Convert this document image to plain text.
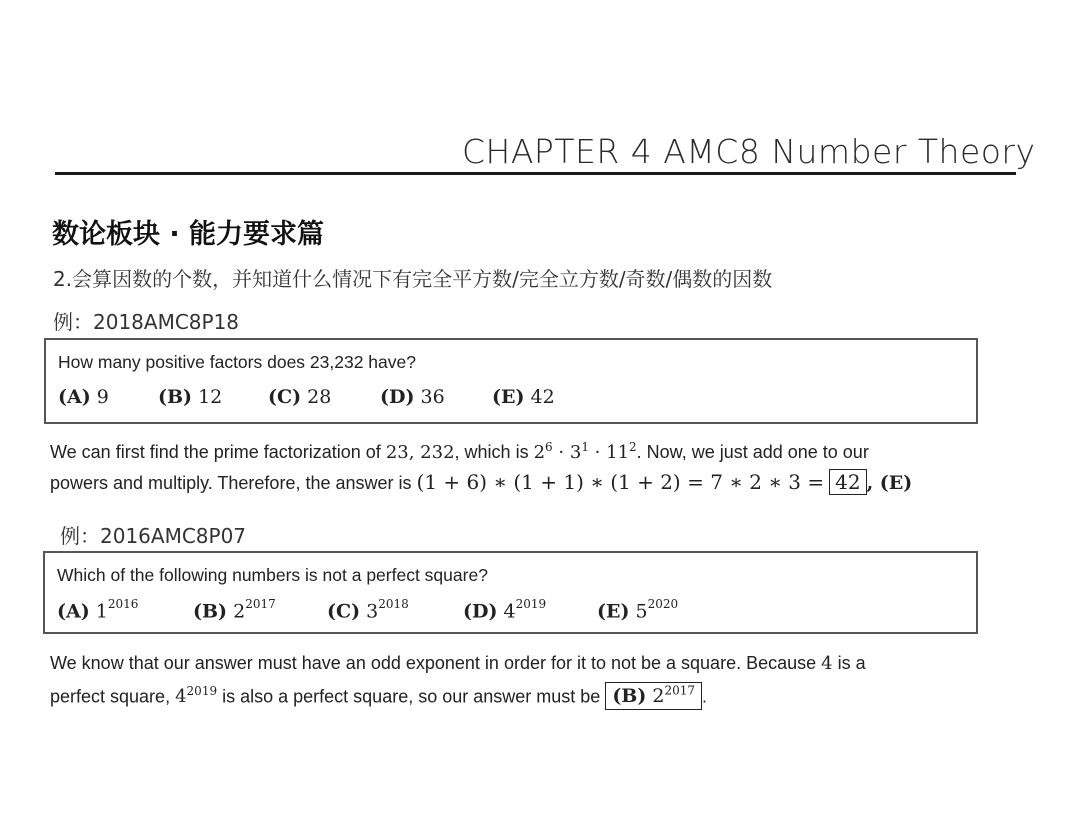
CHAPTER 4 AMC8 Number Theory
数论板块 · 能力要求篇
2.会算因数的个数，并知道什么情况下有完全平方数/完全立方数/奇数/偶数的因数
例：2018AMC8P18
How many positive factors does 23,232 have?
(A) 9	(B) 12 (C) 28	(D) 36 (E) 42
We can first find the prime factorization of 23, 232, which is $2^6 \cdot 3^1 \cdot 11^2$. Now, we just add one to our
powers and multiply. Therefore, the answer is (1 + 6) ∗ (1 + 1) ∗ (1 + 2) = 7 ∗ 2 ∗ 3 = 42 , (E)
例：2016AMC8P07
Which of the following numbers is not a perfect square?
(A) $1^{2016}$	(B) $2^{2017}$	(C) $3^{2018}$	(D) $4^{2019}$	(E) $5^{2020}$
We know that our answer must have an odd exponent in order for it to not be a square. Because 4 is a
perfect square, $4^{2019}$ is also a perfect square, so our answer must be (B) $2^{2017}$ .
